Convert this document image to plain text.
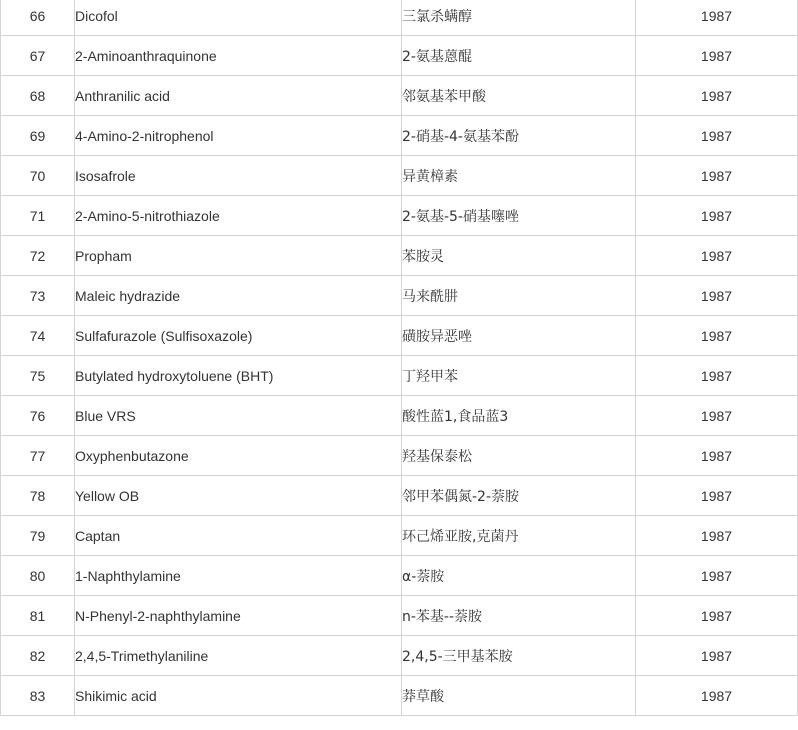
66	Dicofol	三氯杀螨醇	1987
67	2-Aminoanthraquinone	2-氨基蒽醌	1987
68	Anthranilic acid	邻氨基苯甲酸	1987
69	4-Amino-2-nitrophenol	2-硝基-4-氨基苯酚	1987
70	Isosafrole	异黄樟素	1987
71	2-Amino-5-nitrothiazole	2-氨基-5-硝基噻唑	1987
72	Propham	苯胺灵	1987
73	Maleic hydrazide	马来酰肼	1987
74	Sulfafurazole (Sulfisoxazole)	磺胺异恶唑	1987
75	Butylated hydroxytoluene (BHT)	丁羟甲苯	1987
76	Blue VRS	酸性蓝1,食品蓝3	1987
77	Oxyphenbutazone	羟基保泰松	1987
78	Yellow OB	邻甲苯偶氮-2-萘胺	1987
79	Captan	环己烯亚胺,克菌丹	1987
80	1-Naphthylamine	α-萘胺	1987
81	N-Phenyl-2-naphthylamine	n-苯基--萘胺	1987
82	2,4,5-Trimethylaniline	2,4,5-三甲基苯胺	1987
83	Shikimic acid	莽草酸	1987
